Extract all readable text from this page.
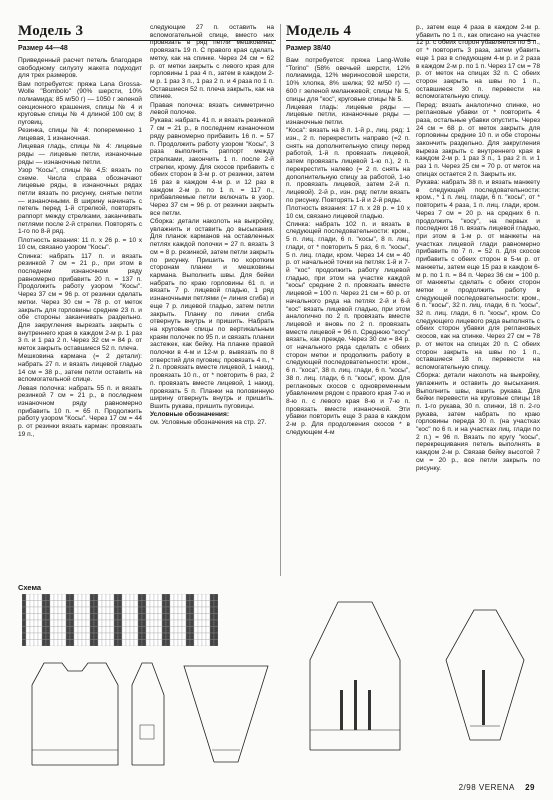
Модель 3
Размер 44—48
Модель 4
Размер 38/40

Приведенный расчет петель благодаря свободному силуэту жакета подходит для трех размеров.

Вам потребуется: пряжа Lana Grossa-Wolle "Bombolo" (90% шерсти, 10% полиамида; 85 м/50 г) — 1050 г зеленой секционного крашения, спицы № 4 и круговые спицы № 4 длиной 100 см; 8 пуговиц.

Резинка, спицы № 4: попеременно 1 лицевая, 1 изнаночная.

Лицевая гладь, спицы № 4: лицевые ряды — лицевые петли, изнаночные ряды — изнаночные петли.

Узор "Косы", спицы № 4,5: вязать по схеме. Числа справа обозначают лицевые ряды, в изнаночных рядах петли вязать по рисунку, снятые петли — изнаночными. В ширину начинать с петель перед 1-й стрелкой, повторять раппорт между стрелками, заканчивать петлями после 2-й стрелки. Повторять с 1-го по 8-й ряд.

Плотность вязания: 11 п. х 26 р. = 10 х 10 см, связано узором "Косы".

Спинка: набрать 117 п. и вязать резинкой 7 см = 21 р., при этом в последнем изнаночном ряду равномерно прибавить 20 п. = 137 п. Продолжить работу узором "Косы". Через 37 см = 96 р. от резинки сделать метки. Через 30 см = 78 р. от меток закрыть для горловины средние 23 п. и обе стороны заканчивать раздельно. Для закругления вырезать закрыть с внутреннего края в каждом 2-м р. 1 раз 3 п. и 1 раз 2 п. Через 32 см = 84 р. от меток закрыть оставшиеся 52 п. плеча.

Мешковина кармана (= 2 детали): набрать 27 п. и вязать лицевой гладью 14 см = 38 р., затем петли оставить на вспомогательной спице.

Левая полочка: набрать 55 п. и вязать резинкой 7 см = 21 р., в последнем изнаночном ряду равномерно прибавить 10 п. = 65 п. Продолжить работу узором "Косы". Через 17 см = 44 р. от резинки вязать карман: провязать 19 п.,

следующие 27 п. оставить на вспомогательной спице, вместо них провязать в ряд петли мешковины, провязать 19 п. С правого края сделать метку, как на спинке. Через 24 см = 62 р. от метки закрыть с левого края для горловины 1 раз 4 п., затем в каждом 2-м р. 1 раз 3 п., 1 раз 2 п. и 4 раза по 1 п. Оставшиеся 52 п. плеча закрыть, как на спинке.

Правая полочка: вязать симметрично левой полочке.

Рукава: набрать 41 п. и вязать резинкой 7 см = 21 р., в последнем изнаночном ряду равномерно прибавить 16 п. = 57 п. Продолжить работу узором "Косы", 3 раза выполнить раппорт между стрелками, закончить 1 п. после 2-й стрелки, крому. Для скосов прибавить с обеих сторон в 3-м р. от резинки, затем 16 раз в каждом 4-м р. и 12 раз в каждом 2-м р. по 1 п. = 117 п., прибавляемые петли включать в узор. Через 37 см = 96 р. от резинки закрыть все петли.

Сборка: детали наколоть на выкройку, увлажнить и оставить до высыхания. Для планок карманов на оставленных петлях каждой полочки = 27 п. вязать 3 см = 8 р. резинкой, затем петли закрыть по рисунку. Пришить по коротким сторонам планки и мешковины кармана. Выполнить швы. Для бейки набрать по краю горловины 61 п. и вязать 7 р. лицевой гладью, 1 ряд изнаночными петлями (= линия сгиба) и еще 7 р. лицевой гладью, затем петли закрыть. Планку по линии сгиба отвернуть внутрь и пришить. Набрать на круговые спицы по вертикальным краям полочек по 95 п. и связать планки застежек, как бейку. На планке правой полочки в 4-м и 12-м р. вывязать по 8 отверстий для пуговиц: провязать 4 п., * 2 п. провязать вместе лицевой, 1 накид, провязать 10 п., от * повторить 6 раз, 2 п. провязать вместе лицевой, 1 накид, провязать 5 п. Планки на половинную ширину отвернуть внутрь и пришить. Вшить рукава, пришить пуговицы.

Условные обозначения:

см. Условные обозначения на стр. 27.

Вам потребуется: пряжа Lang-Wolle "Torino" (58% овечьей шерсти, 12% полиамида, 12% мериносовой шерсти, 10% хлопка, 8% шелка; 92 м/50 г) — 600 г зеленой меланжевой; спицы № 5, спицы для "кос", круговые спицы № 5.

Лицевая гладь: лицевые ряды — лицевые петли, изнаночные ряды — изнаночные петли.

"Коса": вязать на 8 п. 1-й р., лиц. ряд: 1 изн., 2 п. перекрестить направо (=2 п. снять на дополнительную спицу перед работой, 1-й п. провязать лицевой, затем провязать лицевой 1-ю п.), 2 п. перекрестить налево (= 2 п. снять на дополнительную спицу за работой, 1-ю п. провязать лицевой, затем 2-й п. лицевой). 2-й р., изн. ряд: петли вязать по рисунку. Повторять 1-й и 2-й ряды.

Плотность вязания: 17 п. х 28 р. = 10 х 10 см, связано лицевой гладью.

Спинка: набрать 102 п. и вязать в следующей последовательности: кром., 5 п. лиц. глади, 6 п. "косы", 8 п. лиц. глади, от * повторить 5 раз, 6 п. "косы", 5 п. лиц. глади, кром. Через 14 см = 40 р. от начальной точки на петлях 1-й и 7-й "кос" продолжить работу лицевой гладью, при этом на участке каждой "косы" средние 2 п. провязать вместе лицевой = 100 п. Через 21 см = 60 р. от начального ряда на петлях 2-й и 6-й "кос" вязать лицевой гладью, при этом аналогично по 2 п. провязать вместе лицевой и вновь по 2 п. провязать вместе лицевой = 96 п. Среднюю "косу" вязать, как прежде. Через 30 см = 84 р. от начального ряда сделать с обеих сторон метки и продолжить работу в следующей последовательности: кром., 6 п. "коса", 38 п. лиц. глади, 6 п. "косы", 38 п. лиц. глади, 6 п. "косы", кром. Для реглановых скосов с одновременным убавлением рядом с правого края 7-ю и 8-ю п. с левого края 8-ю и 7-ю п. провязать вместе изнаночной. Эти убавки повторить еще 3 раза в каждом 2-м р. Для продолжения скосов * в следующем 4-м

р., затем еще 4 раза в каждом 2-м р. убавить по 1 п., как описано на участке 12 р. с обеих сторон убавляется по 5 п., от * повторить 3 раза, затем убавить еще 1 раз в следующем 4-м р. и 2 раза в каждом 2-м р. по 1 п. Через 17 см = 78 р. от меток на спицах 32 п. С обеих сторон закрыть на швы по 1 п., оставшиеся 30 п. перевести на вспомогательную спицу.

Перед: вязать аналогично спинке, но реглановые убавки от * повторить 4 раза, остальные убавки опустить. Через 24 см = 68 р. от меток закрыть для горловины средние 10 п. и обе стороны закончить раздельно. Для закругления выреза закрыть с внутреннего края в каждом 2-м р. 1 раз 3 п., 1 раз 2 п. и 1 раз 1 п. Через 25 см = 70 р. от меток на спицах остается 2 п. Закрыть их.

Рукава: набрать 38 п. и вязать манжету в следующей последовательности: кром., * 1 п. лиц. глади, 6 п. "косы", от * повторить 4 раза, 1 п. лиц. глади, кром. Через 7 см = 20 р. на средних 6 п. продолжить "косу", на первых и последних 16 п. вязать лицевой гладью, при этом в 1-м р. от манжеты на участках лицевой глади равномерно прибавить по 7 п. = 52 п. Для скосов прибавить с обеих сторон в 5-м р. от манжеты, затем еще 15 раз в каждом 6-м р. по 1 п. = 84 п. Через 36 см = 100 р. от манжеты сделать с обеих сторон метки и продолжить работу в следующей последовательности: кром., 6 п. "косы", 32 п. лиц. глади, 6 п. "косы", 32 п. лиц. глади, 6 п. "косы", кром. Со следующего лицевого ряда выполнять с обеих сторон убавки для реглановых скосов, как на спинке. Через 27 см = 78 р. от меток на спицах 20 п. С обеих сторон закрыть на швы по 1 п., оставшиеся 18 п. перевести на вспомогательную спицу.

Сборка: детали наколоть на выкройку, увлажнить и оставить до высыхания. Выполнить швы, вшить рукава. Для бейки перевести на круговые спицы 18 п. 1-го рукава, 30 п. спинки, 18 п. 2-го рукава, затем набрать по краю горловины переда 30 п. (на участках "кос" по 6 п. и на участках лиц. глади по 2 п.) = 96 п. Вязать по кругу "косы", перекрещивания петель выполнять в каждом 2-м р. Связав бейку высотой 7 см = 20 р., все петли закрыть по рисунку.

Схема
2/98 VERENA 29
